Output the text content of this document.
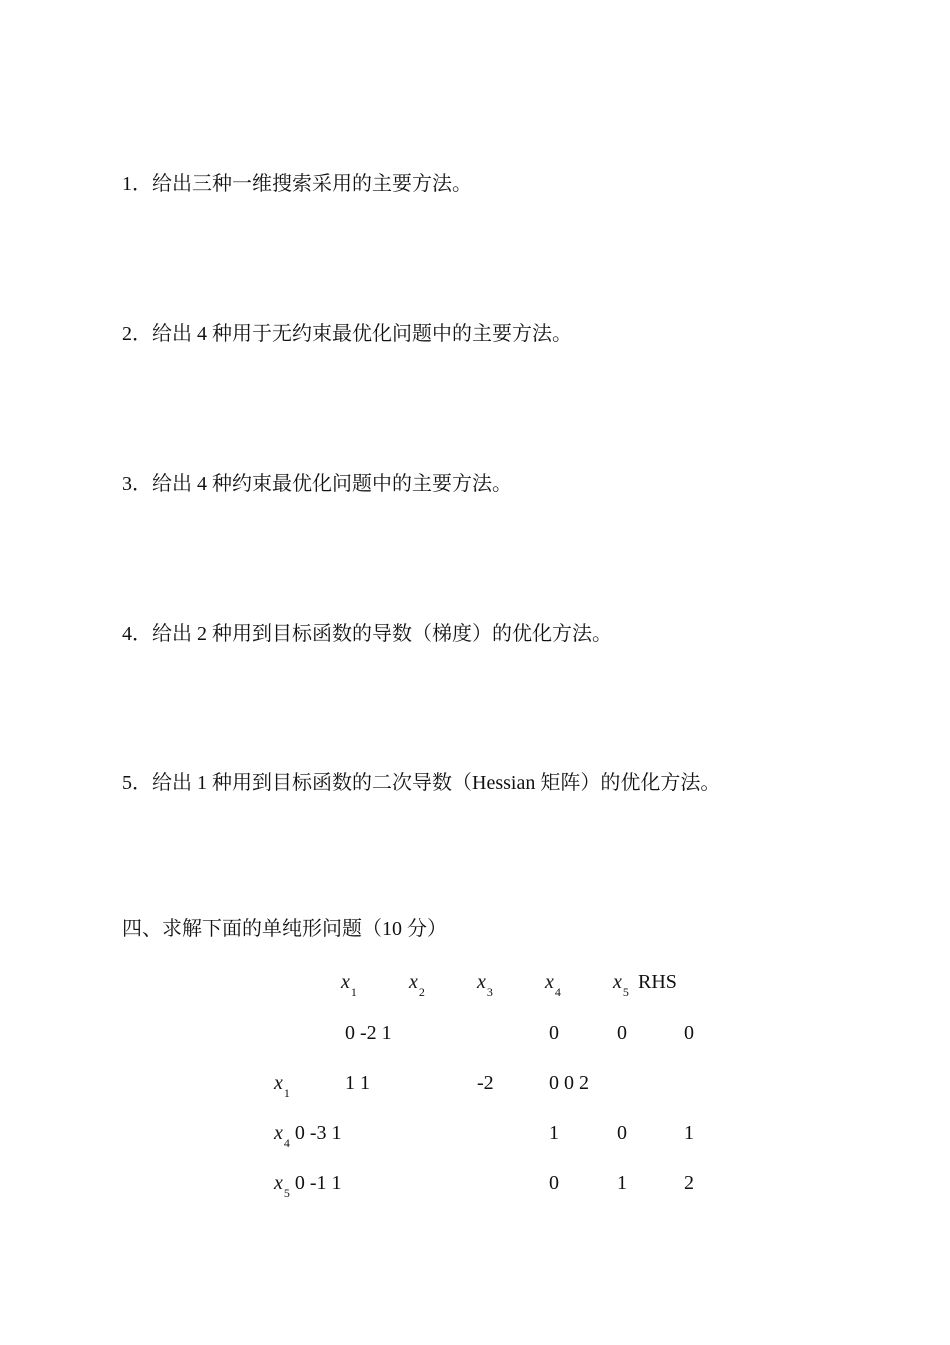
1．给出三种一维搜索采用的主要方法。
2．给出 4 种用于无约束最优化问题中的主要方法。
3．给出 4 种约束最优化问题中的主要方法。
4．给出 2 种用到目标函数的导数（梯度）的优化方法。
5．给出 1 种用到目标函数的二次导数（Hessian 矩阵）的优化方法。
四、求解下面的单纯形问题（10 分）
$x_1$	$x_2$	$x_3$	$x_4$	$x_5$ RHS
0 -2 1	0	0	0
$x_1$	1 1	-2	0 0 2
$x_4$ 0 -3 1	1	0	1
$x_5$ 0 -1 1	0	1	2
